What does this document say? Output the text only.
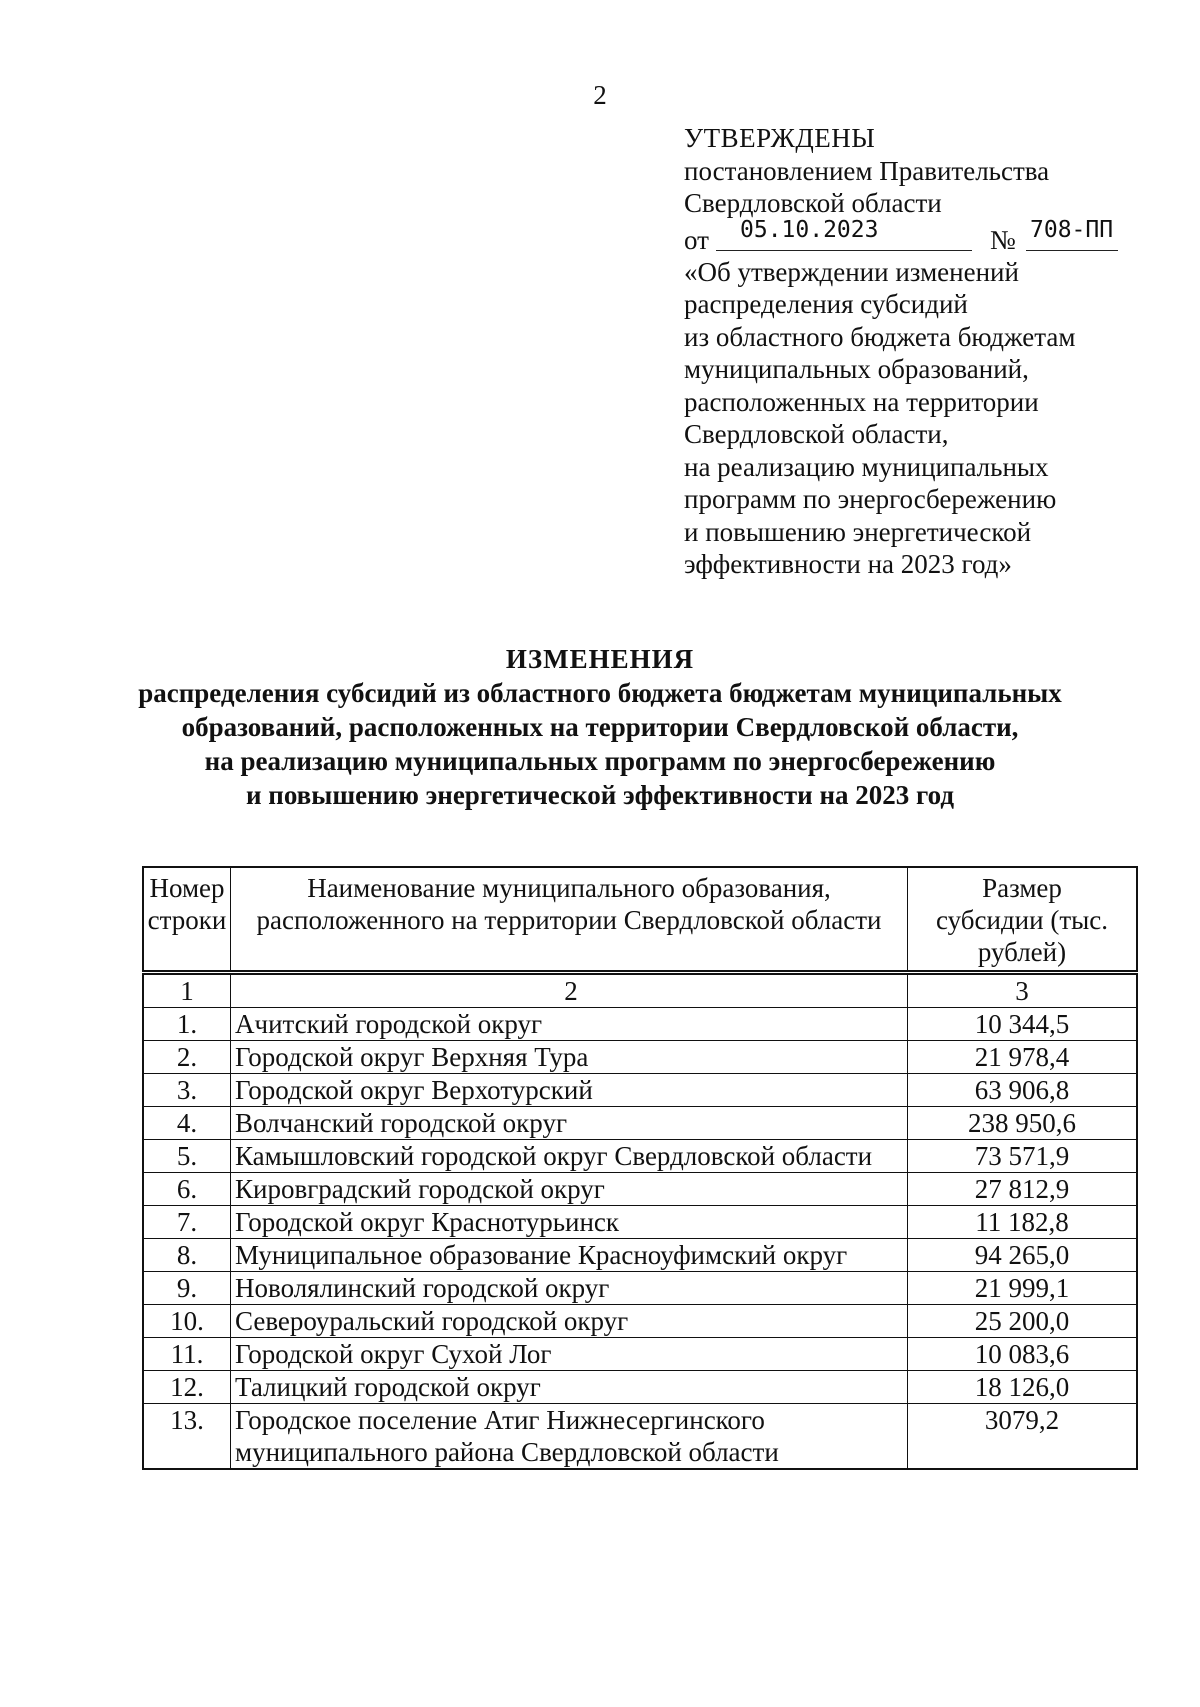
2
УТВЕРЖДЕНЫ
постановлением Правительства
Свердловской области
от 05.10.2023	№ 708-ПП
«Об утверждении изменений
распределения субсидий
из областного бюджета бюджетам
муниципальных образований,
расположенных на территории
Свердловской области,
на реализацию муниципальных
программ по энергосбережению
и повышению энергетической
эффективности на 2023 год»
ИЗМЕНЕНИЯ
распределения субсидий из областного бюджета бюджетам муниципальных
образований, расположенных на территории Свердловской области,
на реализацию муниципальных программ по энергосбережению
и повышению энергетической эффективности на 2023 год
Номер строки	Наименование муниципального образования, расположенного на территории Свердловской области	Размер субсидии (тыс. рублей)
1	2	3
1.	Ачитский городской округ	10 344,5
2.	Городской округ Верхняя Тура	21 978,4
3.	Городской округ Верхотурский	63 906,8
4.	Волчанский городской округ	238 950,6
5.	Камышловский городской округ Свердловской области	73 571,9
6.	Кировградский городской округ	27 812,9
7.	Городской округ Краснотурьинск	11 182,8
8.	Муниципальное образование Красноуфимский округ	94 265,0
9.	Новолялинский городской округ	21 999,1
10.	Североуральский городской округ	25 200,0
11.	Городской округ Сухой Лог	10 083,6
12.	Талицкий городской округ	18 126,0
13.	Городское поселение Атиг Нижнесергинского муниципального района Свердловской области	3079,2
